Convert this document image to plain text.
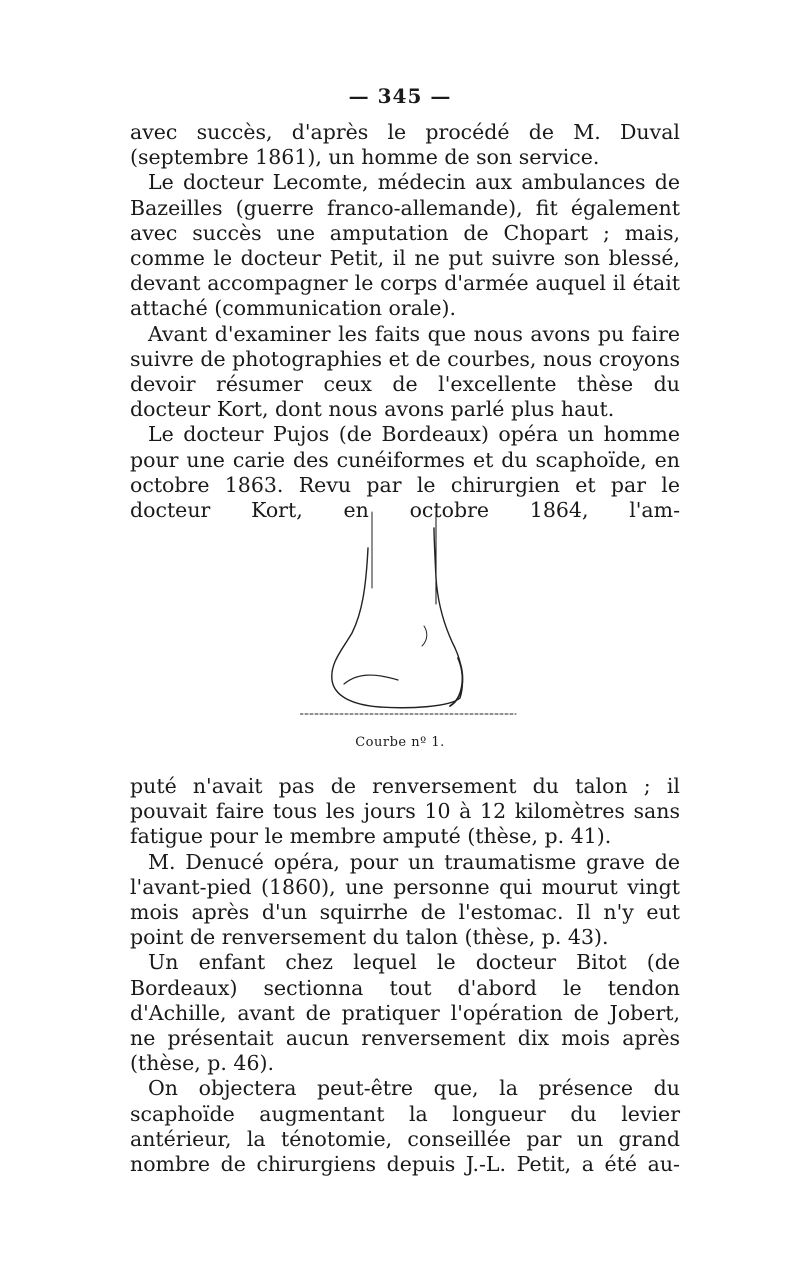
— 345 —

avec succès, d'après le procédé de M. Duval (septembre 1861), un homme de son service.

Le docteur Lecomte, médecin aux ambulances de Bazeilles (guerre franco-allemande), fit également avec succès une amputation de Chopart ; mais, comme le docteur Petit, il ne put suivre son blessé, devant accompagner le corps d'armée auquel il était attaché (communication orale).

Avant d'examiner les faits que nous avons pu faire suivre de photographies et de courbes, nous croyons devoir résumer ceux de l'excellente thèse du docteur Kort, dont nous avons parlé plus haut.

Le docteur Pujos (de Bordeaux) opéra un homme pour une carie des cunéiformes et du scaphoïde, en octobre 1863. Revu par le chirurgien et par le docteur Kort, en octobre 1864, l'am-

Courbe nº 1.

puté n'avait pas de renversement du talon ; il pouvait faire tous les jours 10 à 12 kilomètres sans fatigue pour le membre amputé (thèse, p. 41).

M. Denucé opéra, pour un traumatisme grave de l'avant-pied (1860), une personne qui mourut vingt mois après d'un squirrhe de l'estomac. Il n'y eut point de renversement du talon (thèse, p. 43).

Un enfant chez lequel le docteur Bitot (de Bordeaux) sectionna tout d'abord le tendon d'Achille, avant de pratiquer l'opération de Jobert, ne présentait aucun renversement dix mois après (thèse, p. 46).

On objectera peut-être que, la présence du scaphoïde augmentant la longueur du levier antérieur, la ténotomie, conseillée par un grand nombre de chirurgiens depuis J.-L. Petit, a été au-
